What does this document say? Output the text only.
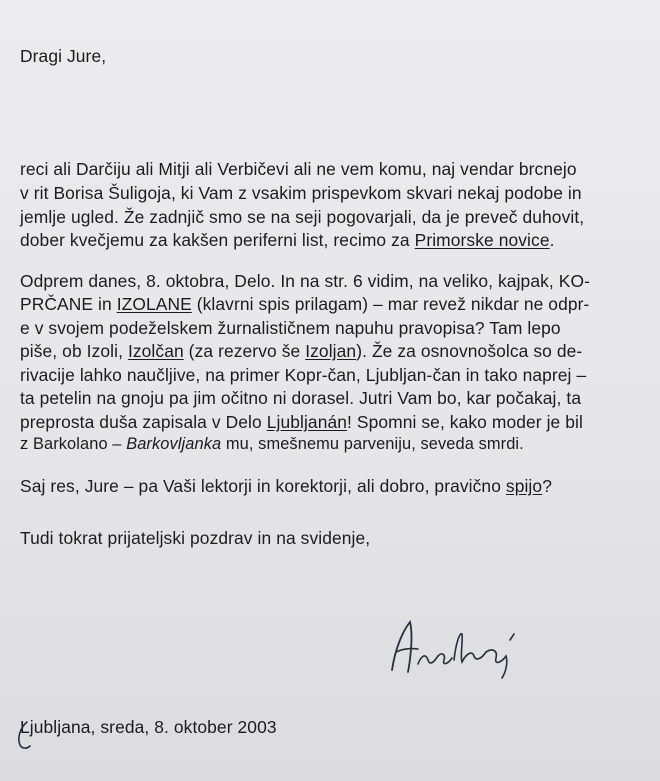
Dragi Jure,
reci ali Darčiju ali Mitji ali Verbičevi ali ne vem komu, naj vendar brcnejo
v rit Borisa Šuligoja, ki Vam z vsakim prispevkom skvari nekaj podobe in
jemlje ugled. Že zadnjič smo se na seji pogovarjali, da je preveč duhovit,
dober kvečjemu za kakšen periferni list, recimo za Primorske novice.
Odprem danes, 8. oktobra, Delo. In na str. 6 vidim, na veliko, kajpak, KO-
PRČANE in IZOLANE (klavrni spis prilagam) – mar revež nikdar ne odpr-
e v svojem podeželskem žurnalističnem napuhu pravopisa? Tam lepo
piše, ob Izoli, Izolčan (za rezervo še Izoljan). Že za osnovnošolca so de-
rivacije lahko naučljive, na primer Kopr-čan, Ljubljan-čan in tako naprej –
ta petelin na gnoju pa jim očitno ni dorasel. Jutri Vam bo, kar počakaj, ta
preprosta duša zapisala v Delo Ljubljanán! Spomni se, kako moder je bil
z Barkolano – Barkovljanka mu, smešnemu parveniju, seveda smrdi.
Saj res, Jure – pa Vaši lektorji in korektorji, ali dobro, pravično spijo?
Tudi tokrat prijateljski pozdrav in na svidenje,
Ljubljana, sreda, 8. oktober 2003
